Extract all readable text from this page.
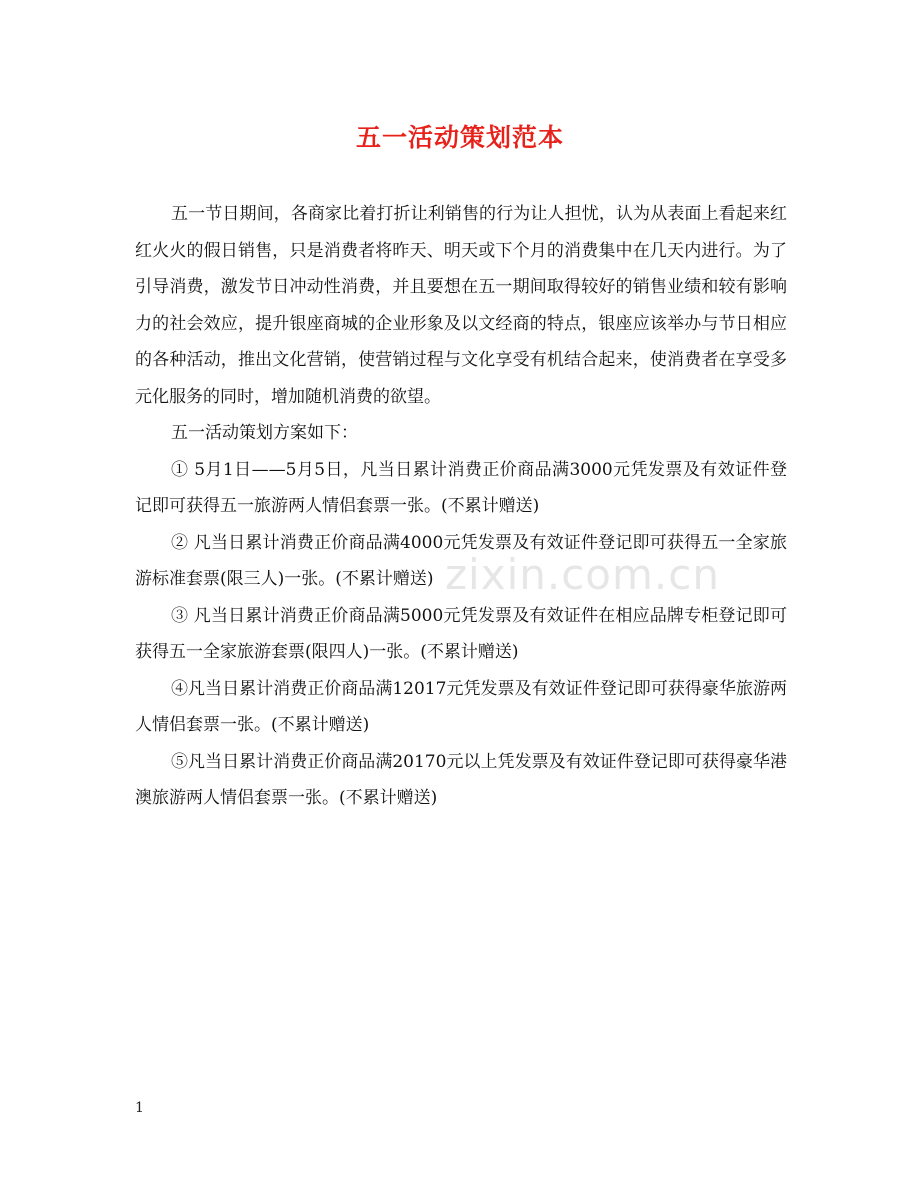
五一活动策划范本

五一节日期间，各商家比着打折让利销售的行为让人担忧，认为从表面上看起来红红火火的假日销售，只是消费者将昨天、明天或下个月的消费集中在几天内进行。为了引导消费，激发节日冲动性消费，并且要想在五一期间取得较好的销售业绩和较有影响力的社会效应，提升银座商城的企业形象及以文经商的特点，银座应该举办与节日相应的各种活动，推出文化营销，使营销过程与文化享受有机结合起来，使消费者在享受多元化服务的同时，增加随机消费的欲望。

五一活动策划方案如下：

① 5月1日——5月5日，凡当日累计消费正价商品满3000元凭发票及有效证件登记即可获得五一旅游两人情侣套票一张。(不累计赠送)

② 凡当日累计消费正价商品满4000元凭发票及有效证件登记即可获得五一全家旅游标准套票(限三人)一张。(不累计赠送)

③ 凡当日累计消费正价商品满5000元凭发票及有效证件在相应品牌专柜登记即可获得五一全家旅游套票(限四人)一张。(不累计赠送)

④凡当日累计消费正价商品满12017元凭发票及有效证件登记即可获得豪华旅游两人情侣套票一张。(不累计赠送)

⑤凡当日累计消费正价商品满20170元以上凭发票及有效证件登记即可获得豪华港澳旅游两人情侣套票一张。(不累计赠送)

zixin.com.cn
1
